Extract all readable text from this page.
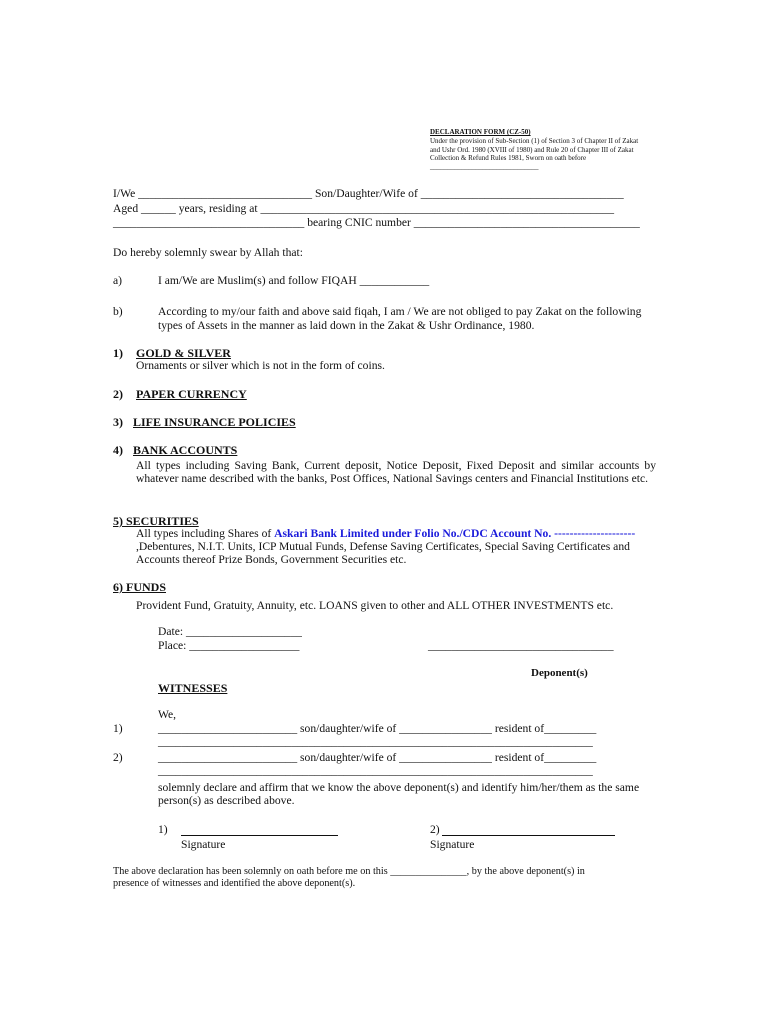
DECLARATION FORM (CZ-50)
Under the provision of Sub-Section (1) of Section 3 of Chapter II of Zakat
and Ushr Ord. 1980 (XVIII of 1980) and Rule 20 of Chapter III of Zakat
Collection & Refund Rules 1981, Sworn on oath before
_______________________________
I/We ______________________________ Son/Daughter/Wife of ___________________________________
Aged ______ years, residing at _____________________________________________________________
_________________________________ bearing CNIC number _______________________________________
Do hereby solemnly swear by Allah that:
a)	I am/We are Muslim(s) and follow FIQAH ____________
b)	According to my/our faith and above said fiqah, I am / We are not obliged to pay Zakat on the following
types of Assets in the manner as laid down in the Zakat & Ushr Ordinance, 1980.
1) GOLD & SILVER
Ornaments or silver which is not in the form of coins.
2) PAPER CURRENCY
3) LIFE INSURANCE POLICIES
4) BANK ACCOUNTS
All types including Saving Bank, Current deposit, Notice Deposit, Fixed Deposit and similar accounts by whatever name described with the banks, Post Offices, National Savings centers and Financial Institutions etc.
5) SECURITIES
All types including Shares of Askari Bank Limited under Folio No./CDC Account No. ---------------------
,Debentures, N.I.T. Units, ICP Mutual Funds, Defense Saving Certificates, Special Saving Certificates and Accounts thereof Prize Bonds, Government Securities etc.
6) FUNDS
Provident Fund, Gratuity, Annuity, etc. LOANS given to other and ALL OTHER INVESTMENTS etc.
Date: ____________________
Place: ___________________	________________________________
Deponent(s)
WITNESSES
We,
1)	________________________ son/daughter/wife of ________________ resident of_________
___________________________________________________________________________
2)	________________________ son/daughter/wife of ________________ resident of_________
___________________________________________________________________________
solemnly declare and affirm that we know the above deponent(s) and identify him/her/them as the same person(s) as described above.
1)
Signature
2)
Signature
The above declaration has been solemnly on oath before me on this _______________, by the above deponent(s) in
presence of witnesses and identified the above deponent(s).
